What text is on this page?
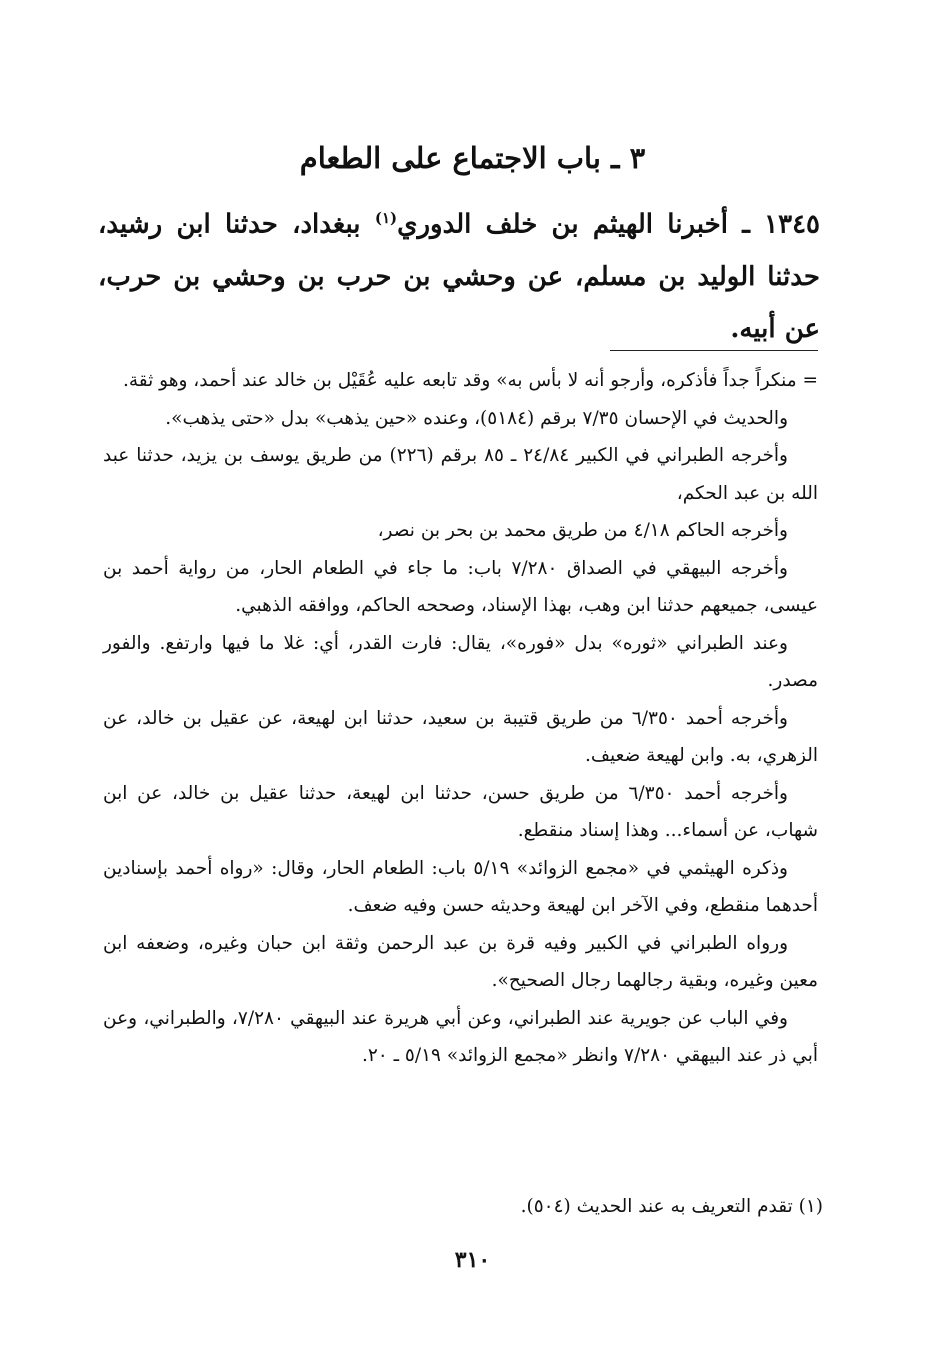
٣ ـ باب الاجتماع على الطعام
١٣٤٥ ـ أخبرنا الهيثم بن خلف الدوري$^{(١)}$ ببغداد، حدثنا ابن رشيد، حدثنا الوليد بن مسلم، عن وحشي بن حرب بن وحشي بن حرب، عن أبيه.

= منكراً جداً فأذكره، وأرجو أنه لا بأس به» وقد تابعه عليه عُقَيْل بن خالد عند أحمد، وهو ثقة.

والحديث في الإحسان ٧/٣٥ برقم (٥١٨٤)، وعنده «حين يذهب» بدل «حتى يذهب».

وأخرجه الطبراني في الكبير ٢٤/٨٤ ـ ٨٥ برقم (٢٢٦) من طريق يوسف بن يزيد، حدثنا عبد الله بن عبد الحكم،

وأخرجه الحاكم ٤/١٨ من طريق محمد بن بحر بن نصر،

وأخرجه البيهقي في الصداق ٧/٢٨٠ باب: ما جاء في الطعام الحار، من رواية أحمد بن عيسى، جميعهم حدثنا ابن وهب، بهذا الإسناد، وصححه الحاكم، ووافقه الذهبي.

وعند الطبراني «ثوره» بدل «فوره»، يقال: فارت القدر، أي: غلا ما فيها وارتفع. والفور مصدر.

وأخرجه أحمد ٦/٣٥٠ من طريق قتيبة بن سعيد، حدثنا ابن لهيعة، عن عقيل بن خالد، عن الزهري، به. وابن لهيعة ضعيف.

وأخرجه أحمد ٦/٣٥٠ من طريق حسن، حدثنا ابن لهيعة، حدثنا عقيل بن خالد، عن ابن شهاب، عن أسماء... وهذا إسناد منقطع.

وذكره الهيثمي في «مجمع الزوائد» ٥/١٩ باب: الطعام الحار، وقال: «رواه أحمد بإسنادين أحدهما منقطع، وفي الآخر ابن لهيعة وحديثه حسن وفيه ضعف.

ورواه الطبراني في الكبير وفيه قرة بن عبد الرحمن وثقة ابن حبان وغيره، وضعفه ابن معين وغيره، وبقية رجالهما رجال الصحيح».

وفي الباب عن جويرية عند الطبراني، وعن أبي هريرة عند البيهقي ٧/٢٨٠، والطبراني، وعن أبي ذر عند البيهقي ٧/٢٨٠ وانظر «مجمع الزوائد» ٥/١٩ ـ ٢٠.

(١) تقدم التعريف به عند الحديث (٥٠٤).
٣١٠
